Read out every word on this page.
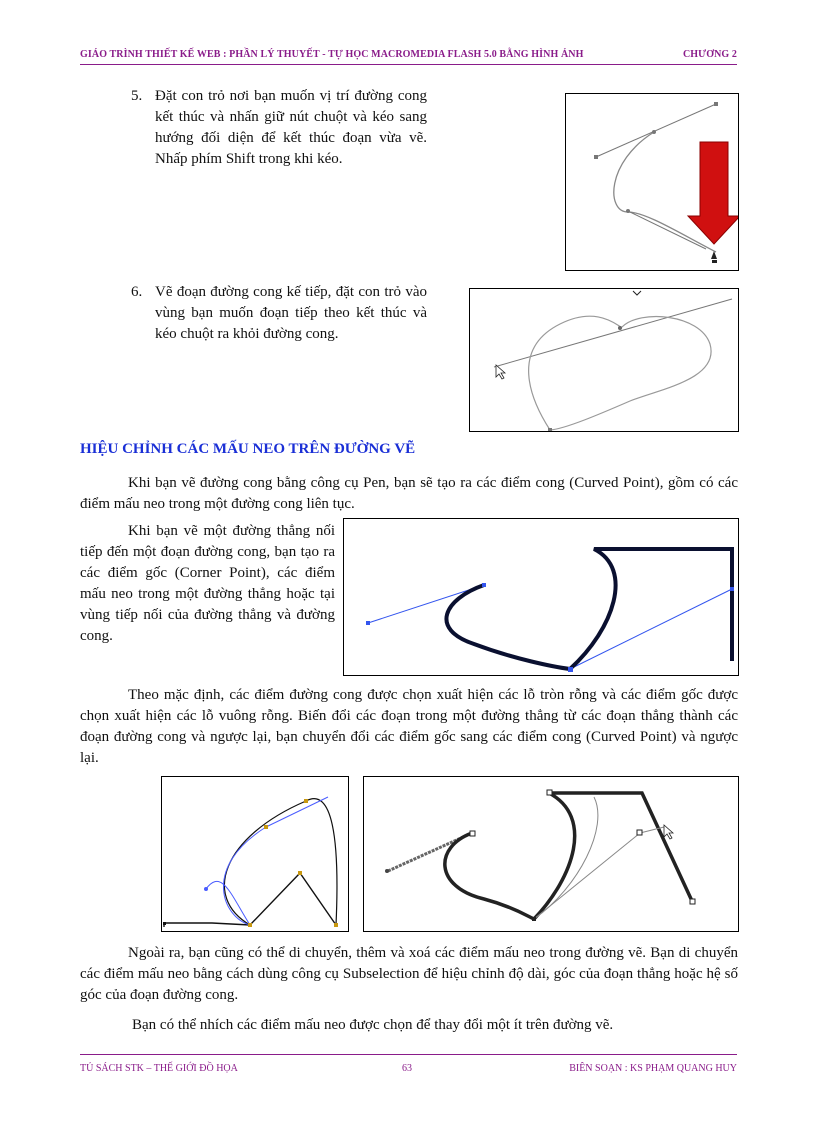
GIÁO TRÌNH THIẾT KẾ WEB : PHẦN LÝ THUYẾT - TỰ HỌC MACROMEDIA FLASH 5.0 BẰNG HÌNH ẢNH	CHƯƠNG 2
5. Đặt con trỏ nơi bạn muốn vị trí đường cong kết thúc và nhấn giữ nút chuột và kéo sang hướng đối diện để kết thúc đoạn vừa vẽ. Nhấp phím Shift trong khi kéo.
6. Vẽ đoạn đường cong kế tiếp, đặt con trỏ vào vùng bạn muốn đoạn tiếp theo kết thúc và kéo chuột ra khỏi đường cong.
HIỆU CHỈNH CÁC MẤU NEO TRÊN ĐƯỜNG VẼ
Khi bạn vẽ đường cong bằng công cụ Pen, bạn sẽ tạo ra các điểm cong (Curved Point), gồm có các điểm mấu neo trong một đường cong liên tục.
Khi bạn vẽ một đường thẳng nối tiếp đến một đoạn đường cong, bạn tạo ra các điểm gốc (Corner Point), các điểm mấu neo trong một đường thẳng hoặc tại vùng tiếp nối của đường thẳng và đường cong.
Theo mặc định, các điểm đường cong được chọn xuất hiện các lỗ tròn rỗng và các điểm gốc được chọn xuất hiện các lỗ vuông rỗng. Biến đổi các đoạn trong một đường thẳng từ các đoạn thẳng thành các đoạn đường cong và ngược lại, bạn chuyển đổi các điểm gốc sang các điểm cong (Curved Point) và ngược lại.
Ngoài ra, bạn cũng có thể di chuyển, thêm và xoá các điểm mấu neo trong đường vẽ. Bạn di chuyển các điểm mấu neo bằng cách dùng công cụ Subselection để hiệu chỉnh độ dài, góc của đoạn thẳng hoặc hệ số góc của đoạn đường cong.
Bạn có thể nhích các điểm mấu neo được chọn để thay đổi một ít trên đường vẽ.
TỦ SÁCH STK – THẾ GIỚI ĐỒ HỌA	63	BIÊN SOẠN : KS PHẠM QUANG HUY
